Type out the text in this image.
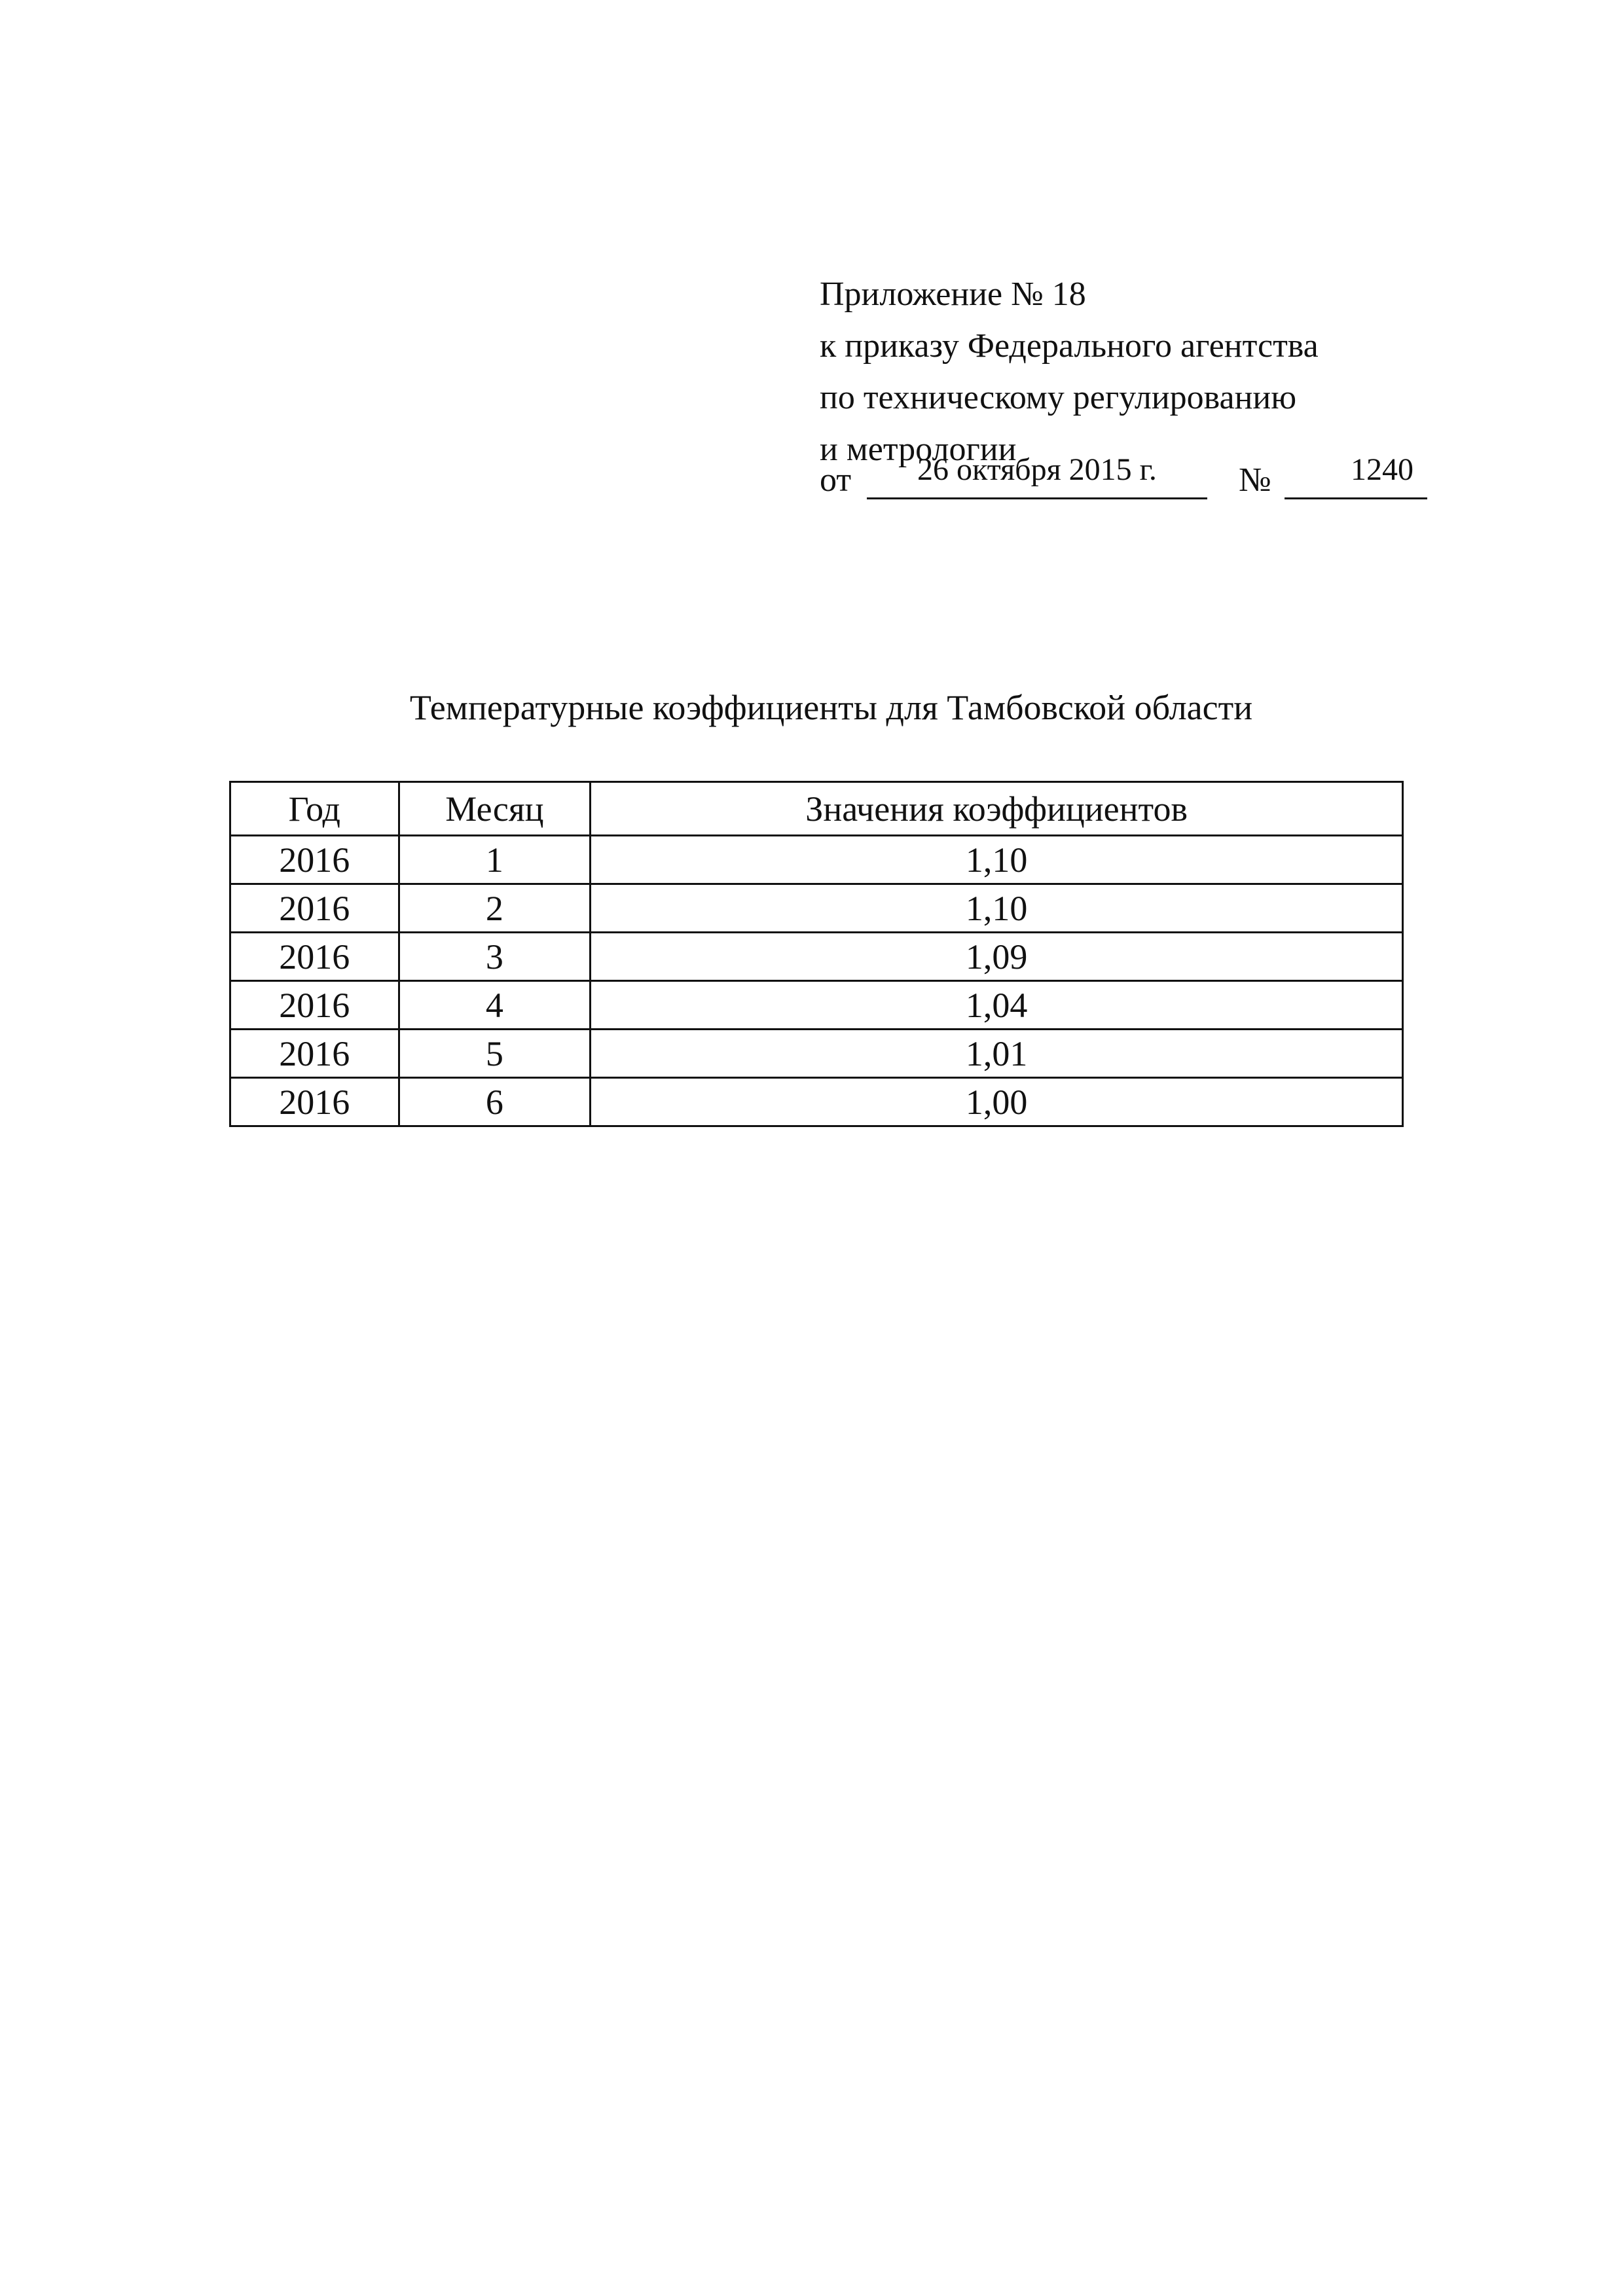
Приложение № 18
к приказу Федерального агентства
по техническому регулированию
и метрологии
от	26 октября 2015 г.	№	1240
Температурные коэффициенты для Тамбовской области
Год	Месяц	Значения коэффициентов
2016	1	1,10
2016	2	1,10
2016	3	1,09
2016	4	1,04
2016	5	1,01
2016	6	1,00
